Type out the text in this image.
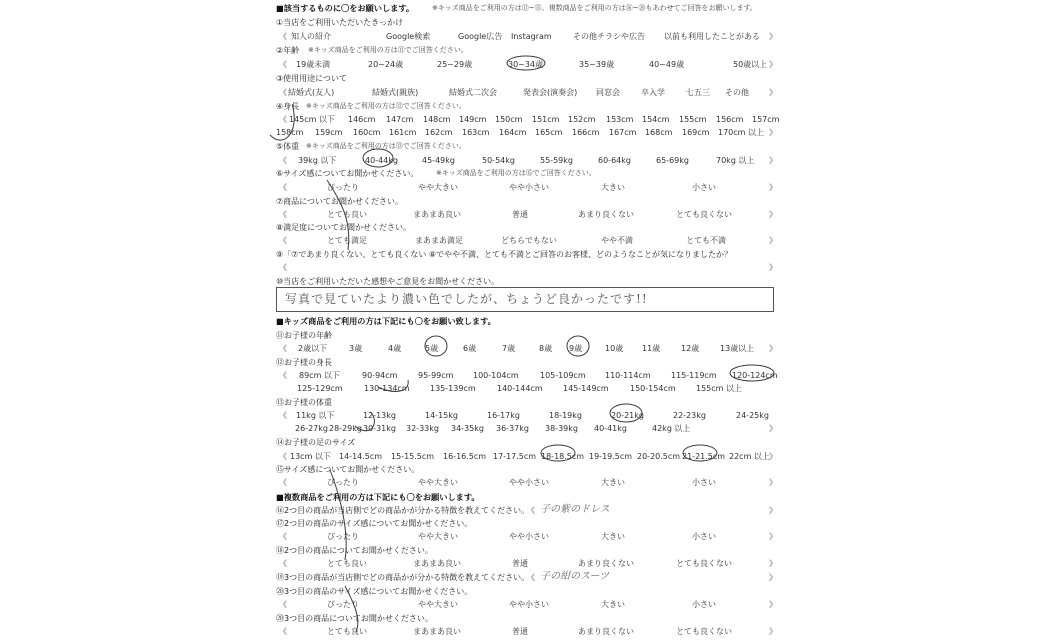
■該当するものに〇をお願いします。	※キッズ商品をご利用の方は⑪~⑮、複数商品をご利用の方は⑯~⑳もあわせてご回答をお願いします。
①当店をご利用いただいたきっかけ
《 知人の紹介	Google検索	Google広告 Instagram	その他チラシや広告 以前も利用したことがある 》
②年齢 ※キッズ商品をご利用の方は⑪でご回答ください。
《 19歳未満	20~24歳	25~29歳	30~34歳	35~39歳	40~49歳	50歳以上 》
③使用用途について
《 結婚式(友人)	結婚式(親族)	結婚式二次会	発表会(演奏会) 同窓会	卒入学	七五三 その他	》
④身長 ※キッズ商品をご利用の方は⑫でご回答ください。
《 145cm 以下 146cm 147cm 148cm 149cm 150cm 151cm 152cm 153cm 154cm 155cm 156cm 157cm
158cm 159cm 160cm 161cm 162cm 163cm 164cm 165cm 166cm 167cm 168cm 169cm 170cm 以上 》
⑤体重 ※キッズ商品をご利用の方は⑬でご回答ください。
《 39kg 以下	40-44kg	45-49kg	50-54kg	55-59kg	60-64kg	65-69kg	70kg 以上 》
⑥サイズ感についてお聞かせください。	※キッズ商品をご利用の方は⑮でご回答ください。
《	ぴったり	やや大きい	やや小さい	大きい	小さい	》
⑦商品についてお聞かせください。
《	とても良い	まあまあ良い	普通	あまり良くない	とても良くない	》
⑧満足度についてお聞かせください。
《	とても満足	まあまあ満足	どちらでもない	やや不満	とても不満	》
⑨「⑦であまり良くない、とても良くない ⑧でやや不満、とても不満とご回答のお客様、どのようなことが気になりましたか？
《	》
⑩当店をご利用いただいた感想やご意見をお聞かせください。
写真で見ていたより濃い色でしたが、ちょうど良かったです!!
■キッズ商品をご利用の方は下記にも〇をお願い致します。
⑪お子様の年齢
《 2歳以下	3歳	4歳	5歳	6歳	7歳	8歳 9歳	10歳 11歳	12歳	13歳以上 》
⑫お子様の身長
《 89cm 以下	90-94cm	95-99cm 100-104cm	105-109cm 110-114cm	115-119cm 120-124cm
125-129cm	130-134cm	135-139cm	140-144cm	145-149cm	150-154cm	155cm 以上
⑬お子様の体重
《 11kg 以下	12-13kg	14-15kg	16-17kg	18-19kg	20-21kg	22-23kg	24-25kg
26-27kg 28-29kg 30-31kg 32-33kg 34-35kg 36-37kg 38-39kg 40-41kg	42kg 以上	》
⑭お子様の足のサイズ
《 13cm 以下 14-14.5cm 15-15.5cm 16-16.5cm 17-17.5cm 18-18.5cm 19-19.5cm 20-20.5cm 21-21.5cm 22cm 以上 》
⑮サイズ感についてお聞かせください。
《	ぴったり	やや大きい	やや小さい	大きい	小さい	》
■複数商品をご利用の方は下記にも〇をお願いします。
⑯2つ目の商品が当店側でどの商品かが分かる特徴を教えてください。
《 子の紫のドレス	》
⑰2つ目の商品のサイズ感についてお聞かせください。
《	ぴったり	やや大きい	やや小さい	大きい	小さい	》
⑱2つ目の商品についてお聞かせください。
《	とても良い	まあまあ良い	普通	あまり良くない	とても良くない	》
⑲3つ目の商品が当店側でどの商品かが分かる特徴を教えてください。
《 子の紺のスーツ	》
⑳3つ目の商品のサイズ感についてお聞かせください。
《	ぴったり	やや大きい	やや小さい	大きい	小さい	》
⑳3つ目の商品についてお聞かせください。
《	とても良い	まあまあ良い	普通	あまり良くない	とても良くない	》
